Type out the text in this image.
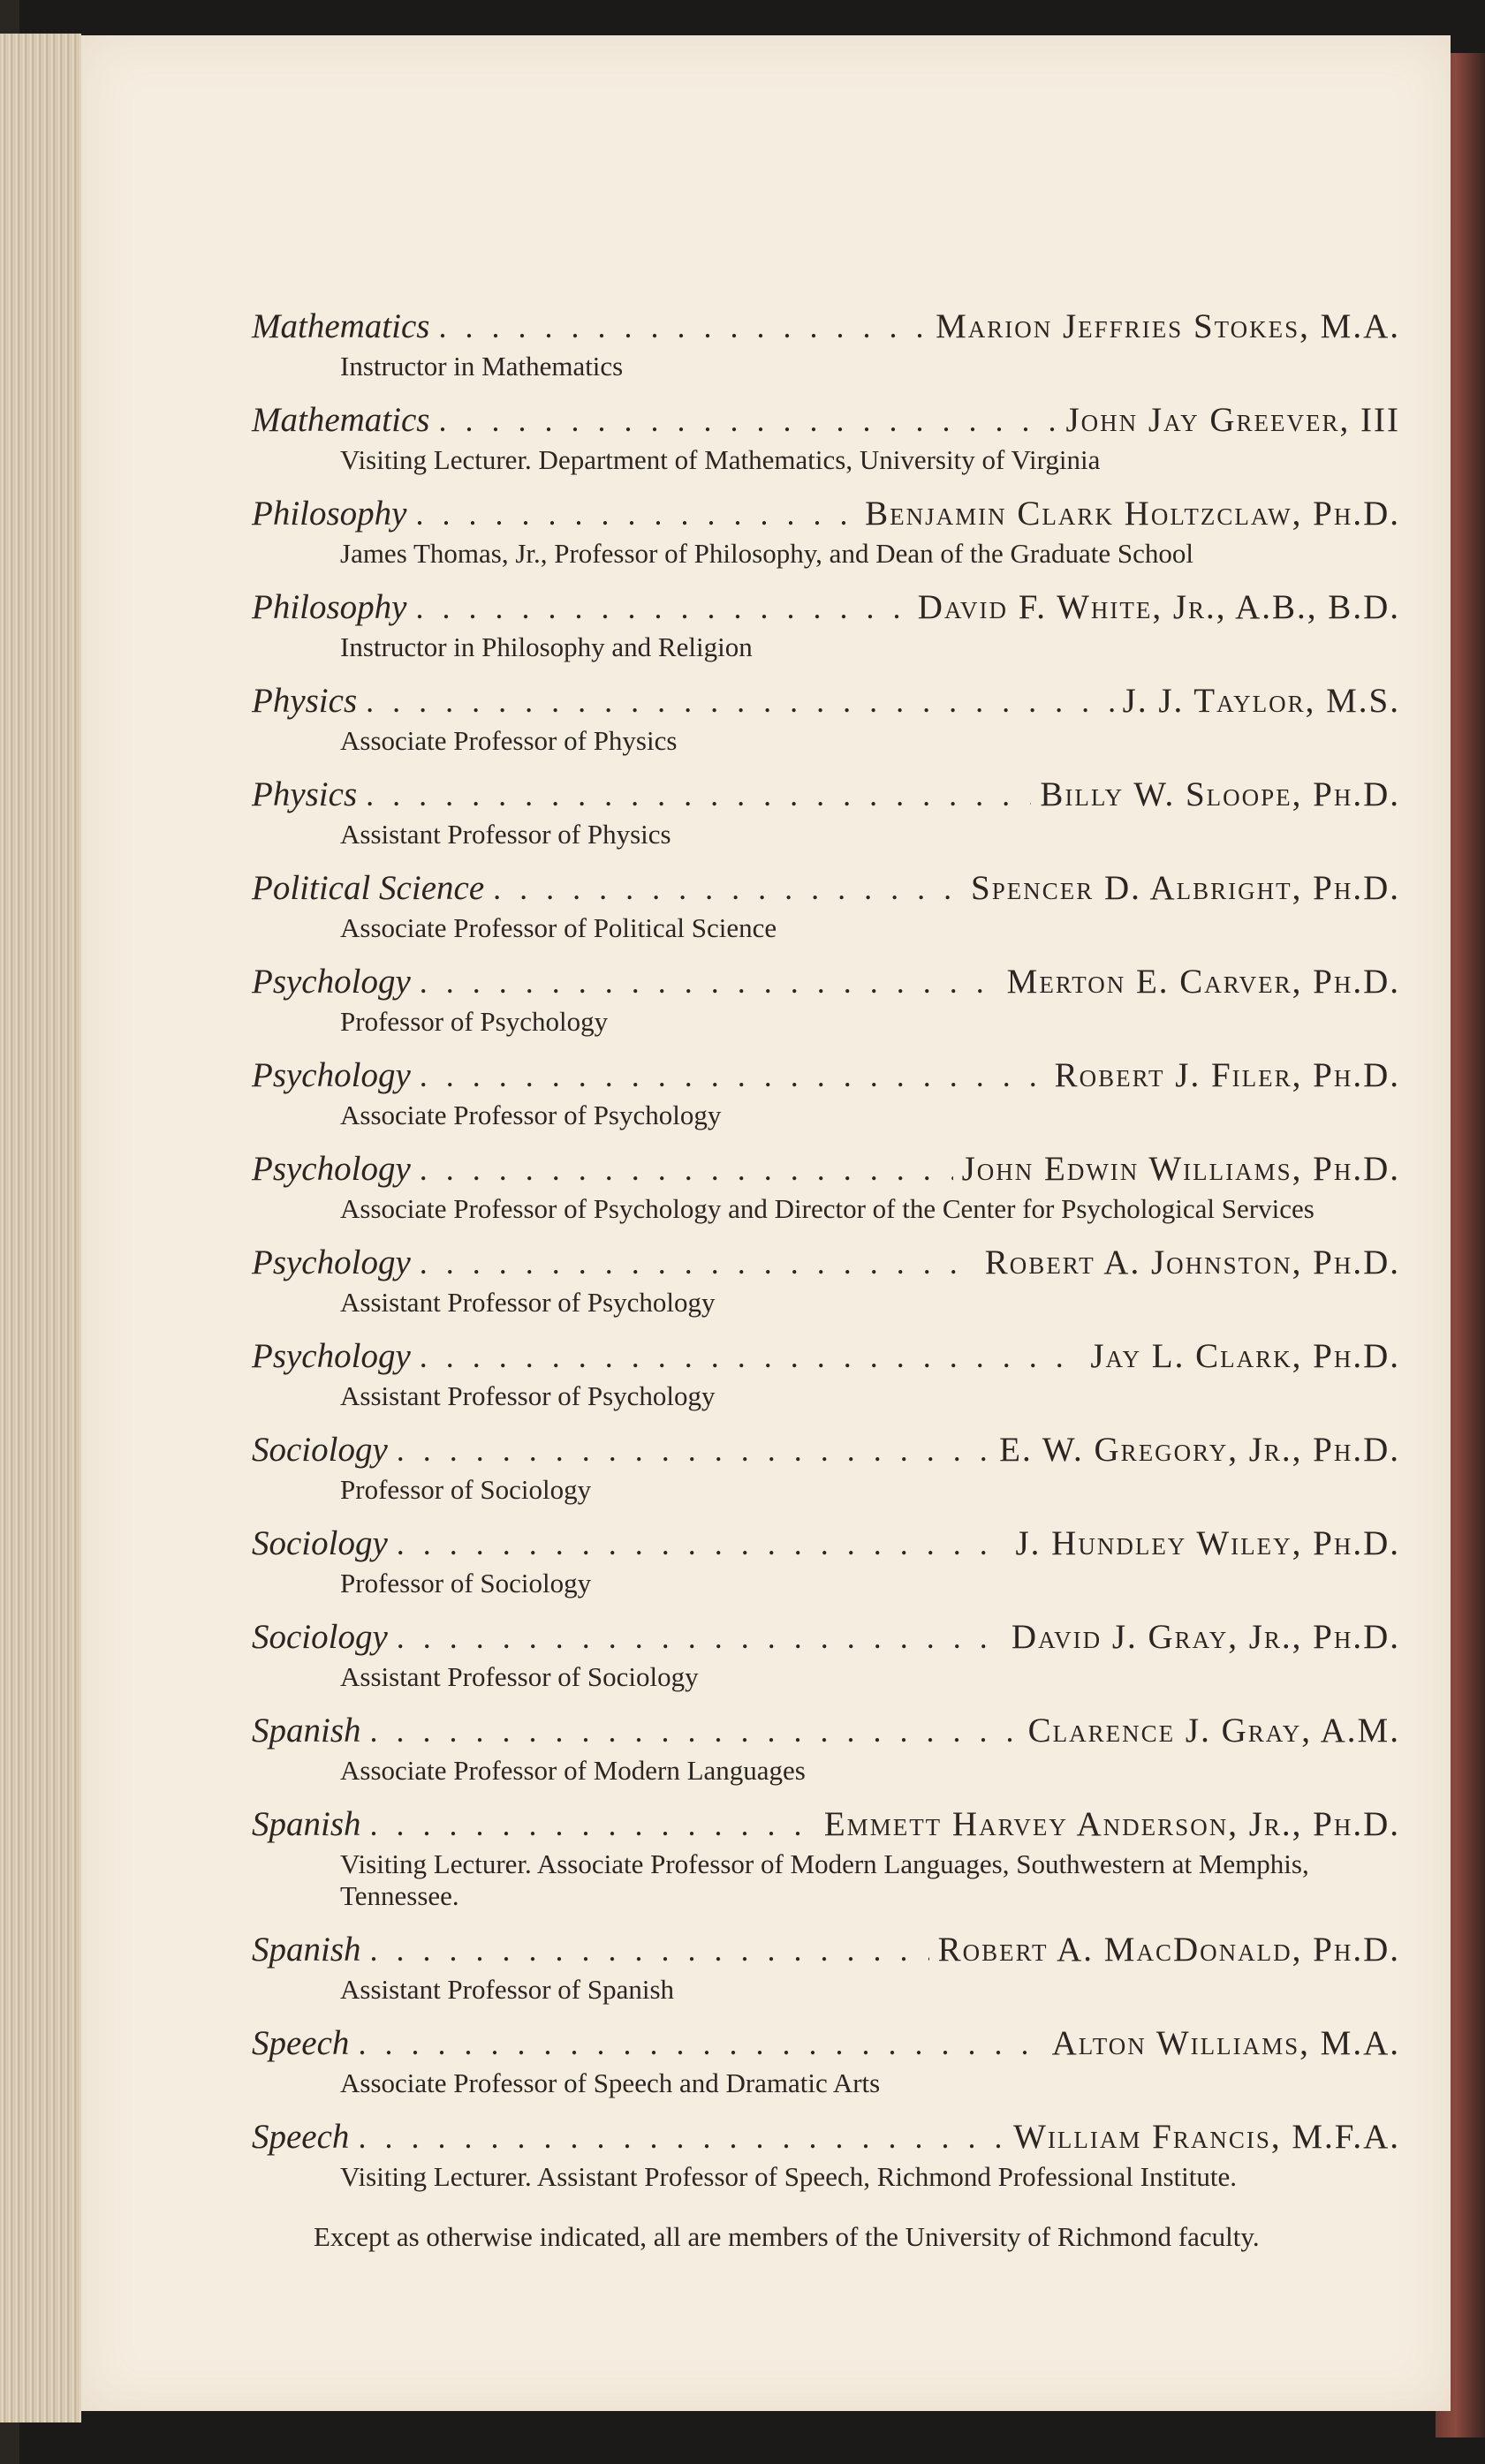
Mathematics . . .	Marion Jeffries Stokes, M.A.
Instructor in Mathematics
Mathematics . . .	John Jay Greever, III
Visiting Lecturer. Department of Mathematics, University of Virginia
Philosophy . . .	Benjamin Clark Holtzclaw, Ph.D.
James Thomas, Jr., Professor of Philosophy, and Dean of the Graduate School
Philosophy . . .	David F. White, Jr., A.B., B.D.
Instructor in Philosophy and Religion
Physics . . .	J. J. Taylor, M.S.
Associate Professor of Physics
Physics . . .	Billy W. Sloope, Ph.D.
Assistant Professor of Physics
Political Science . . .	Spencer D. Albright, Ph.D.
Associate Professor of Political Science
Psychology . . .	Merton E. Carver, Ph.D.
Professor of Psychology
Psychology . . .	Robert J. Filer, Ph.D.
Associate Professor of Psychology
Psychology . . .	John Edwin Williams, Ph.D.
Associate Professor of Psychology and Director of the Center for Psychological Services
Psychology . . .	Robert A. Johnston, Ph.D.
Assistant Professor of Psychology
Psychology . . .	Jay L. Clark, Ph.D.
Assistant Professor of Psychology
Sociology . . .	E. W. Gregory, Jr., Ph.D.
Professor of Sociology
Sociology . . .	J. Hundley Wiley, Ph.D.
Professor of Sociology
Sociology . . .	David J. Gray, Jr., Ph.D.
Assistant Professor of Sociology
Spanish . . .	Clarence J. Gray, A.M.
Associate Professor of Modern Languages
Spanish . . .	Emmett Harvey Anderson, Jr., Ph.D.
Visiting Lecturer. Associate Professor of Modern Languages, Southwestern at Memphis, Tennessee.
Spanish . . .	Robert A. MacDonald, Ph.D.
Assistant Professor of Spanish
Speech . . .	Alton Williams, M.A.
Associate Professor of Speech and Dramatic Arts
Speech . . .	William Francis, M.F.A.
Visiting Lecturer. Assistant Professor of Speech, Richmond Professional Institute.
Except as otherwise indicated, all are members of the University of Richmond faculty.
